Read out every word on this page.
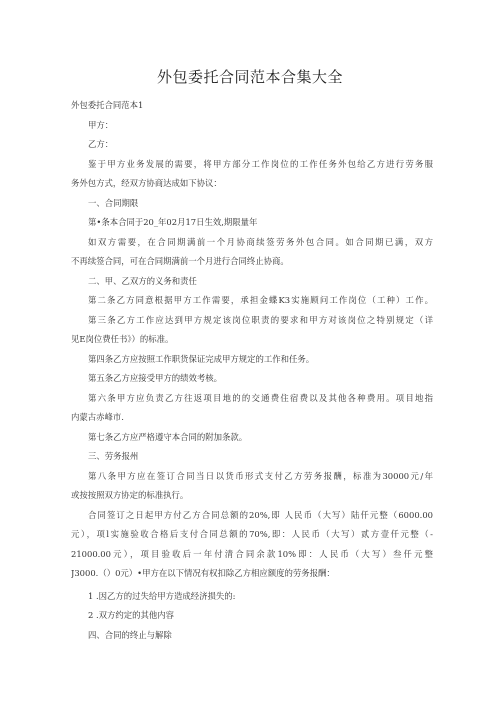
外包委托合同范本合集大全
外包委托合同范本1
甲方：
乙方：
鉴于甲方业务发展的需要，将甲方部分工作岗位的工作任务外包给乙方进行劳务服
务外包方式，经双方协商达成如下协议：
一、合同期限
第•条本合同于20_年02月17日生效,期限量年
如双方需要，在合同期满前一个月协商续签劳务外包合同。如合同期已满，双方
不再续签合同，可在合同期满前一个月进行合同终止协商。
二、甲、乙双方的义务和责任
第二条乙方同意根据甲方工作需要，承担金蝶K3实施顾问工作岗位（工种）工作。
第三条乙方工作应达到甲方规定该岗位职责的要求和甲方对该岗位之特别规定（详
见E岗位费任书》）的标准。
第四条乙方应按照工作职货保证完成甲方规定的工作和任务。
第五条乙方应接受甲方的绩效考核。
第六条甲方应负责乙方往返项目地的的交通费住宿费以及其他各种费用。项目地指
内蒙古赤峰市.
第七条乙方应严格遵守本合同的附加条款。
三、劳务报州
第八条甲方应在签订合同当日以货币形式支付乙方劳务报酬，标准为30000元/年
或按按照双方协定的标准执行。
合同签订之日起甲方付乙方合同总额的20%,即 人民币（大写）陆仟元整（6000.00
元），项l实施验收合格后支付合同总额的70%,即：人民币（大写）贰方壹仟元整（-
21000.00元），项目验收后一年付清合同余款10%即：人民币（大写）叁仟元整
J3000.（）0元）•甲方在以下情况有权扣除乙方相应额度的劳务报酬：
1 .因乙方的过失给甲方造成经济损失的:
2 .双方约定的其他内容
四、合同的终止与解除
